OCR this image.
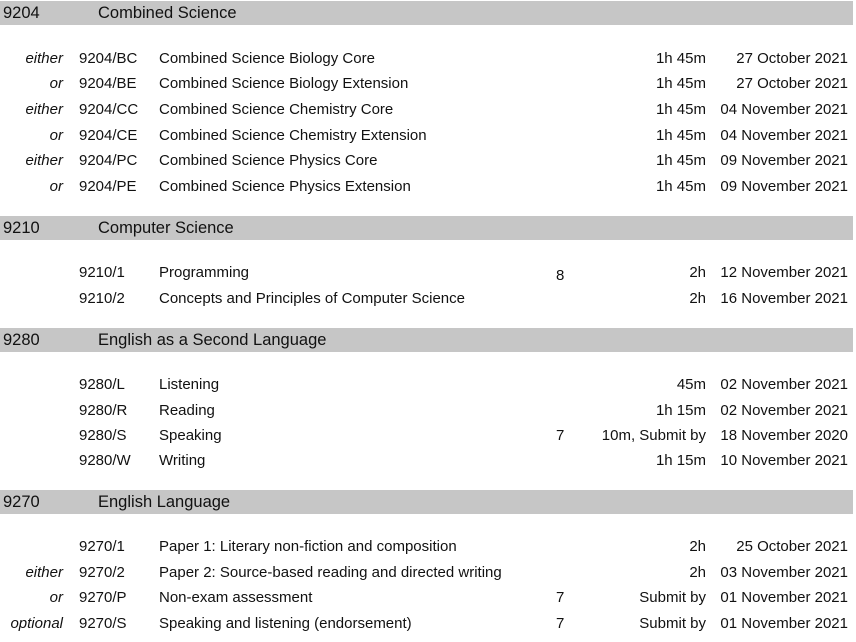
9204	Combined Science
either 9204/BC Combined Science Biology Core	1h 45m 27 October 2021
or 9204/BE Combined Science Biology Extension	1h 45m 27 October 2021
either 9204/CC Combined Science Chemistry Core	1h 45m 04 November 2021
or 9204/CE Combined Science Chemistry Extension	1h 45m 04 November 2021
either 9204/PC Combined Science Physics Core	1h 45m 09 November 2021
or 9204/PE Combined Science Physics Extension	1h 45m 09 November 2021
9210	Computer Science
9210/1 Programming	8	2h 12 November 2021
9210/2 Concepts and Principles of Computer Science	2h 16 November 2021
9280	English as a Second Language
9280/L Listening	45m 02 November 2021
9280/R Reading	1h 15m 02 November 2021
9280/S Speaking	7 10m, Submit by 18 November 2020
9280/W Writing	1h 15m 10 November 2021
9270	English Language
9270/1 Paper 1: Literary non-fiction and composition	2h 25 October 2021
either 9270/2 Paper 2: Source-based reading and directed writing	2h 03 November 2021
or 9270/P Non-exam assessment	7	Submit by 01 November 2021
optional 9270/S Speaking and listening (endorsement)	7	Submit by 01 November 2021
